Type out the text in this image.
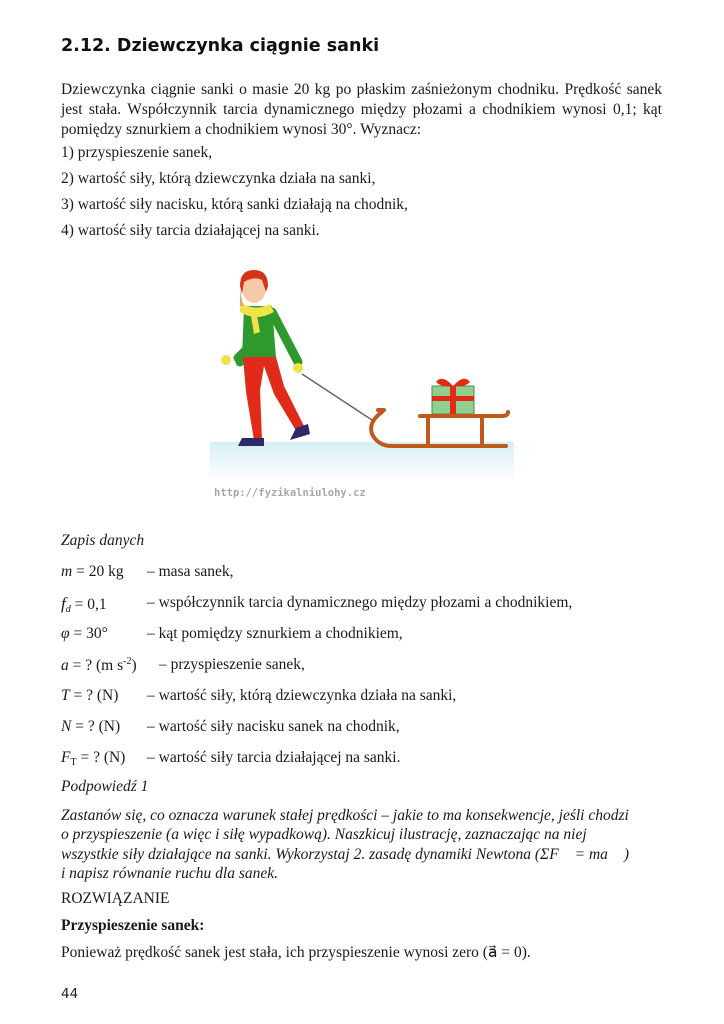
2.12. Dziewczynka ciągnie sanki
Dziewczynka ciągnie sanki o masie 20 kg po płaskim zaśnieżonym chodniku. Prędkość sanek jest stała. Współczynnik tarcia dynamicznego między płozami a chodnikiem wynosi 0,1; kąt pomiędzy sznurkiem a chodnikiem wynosi 30°. Wyznacz:
1) przyspieszenie sanek,
2) wartość siły, którą dziewczynka działa na sanki,
3) wartość siły nacisku, którą sanki działają na chodnik,
4) wartość siły tarcia działającej na sanki.
http://fyzikalniulohy.cz
Zapis danych
m = 20 kg – masa sanek,
$f_d = 0,1$	– współczynnik tarcia dynamicznego między płozami a chodnikiem,
φ = 30°	– kąt pomiędzy sznurkiem a chodnikiem,
a = ? (m $s^{-2}$) – przyspieszenie sanek,
T = ? (N) – wartość siły, którą dziewczynka działa na sanki,
N = ? (N) – wartość siły nacisku sanek na chodnik,
$F_T$ = ? (N) – wartość siły tarcia działającej na sanki.
Podpowiedź 1
Zastanów się, co oznacza warunek stałej prędkości – jakie to ma konsekwencje, jeśli chodzi
o przyspieszenie (a więc i siłę wypadkową). Naszkicuj ilustrację, zaznaczając na niej
wszystkie siły działające na sanki. Wykorzystaj 2. zasadę dynamiki Newtona (ΣF⃗ = ma⃗ )
i napisz równanie ruchu dla sanek.
ROZWIĄZANIE
Przyspieszenie sanek:
Ponieważ prędkość sanek jest stała, ich przyspieszenie wynosi zero (a⃗ = 0).
44
